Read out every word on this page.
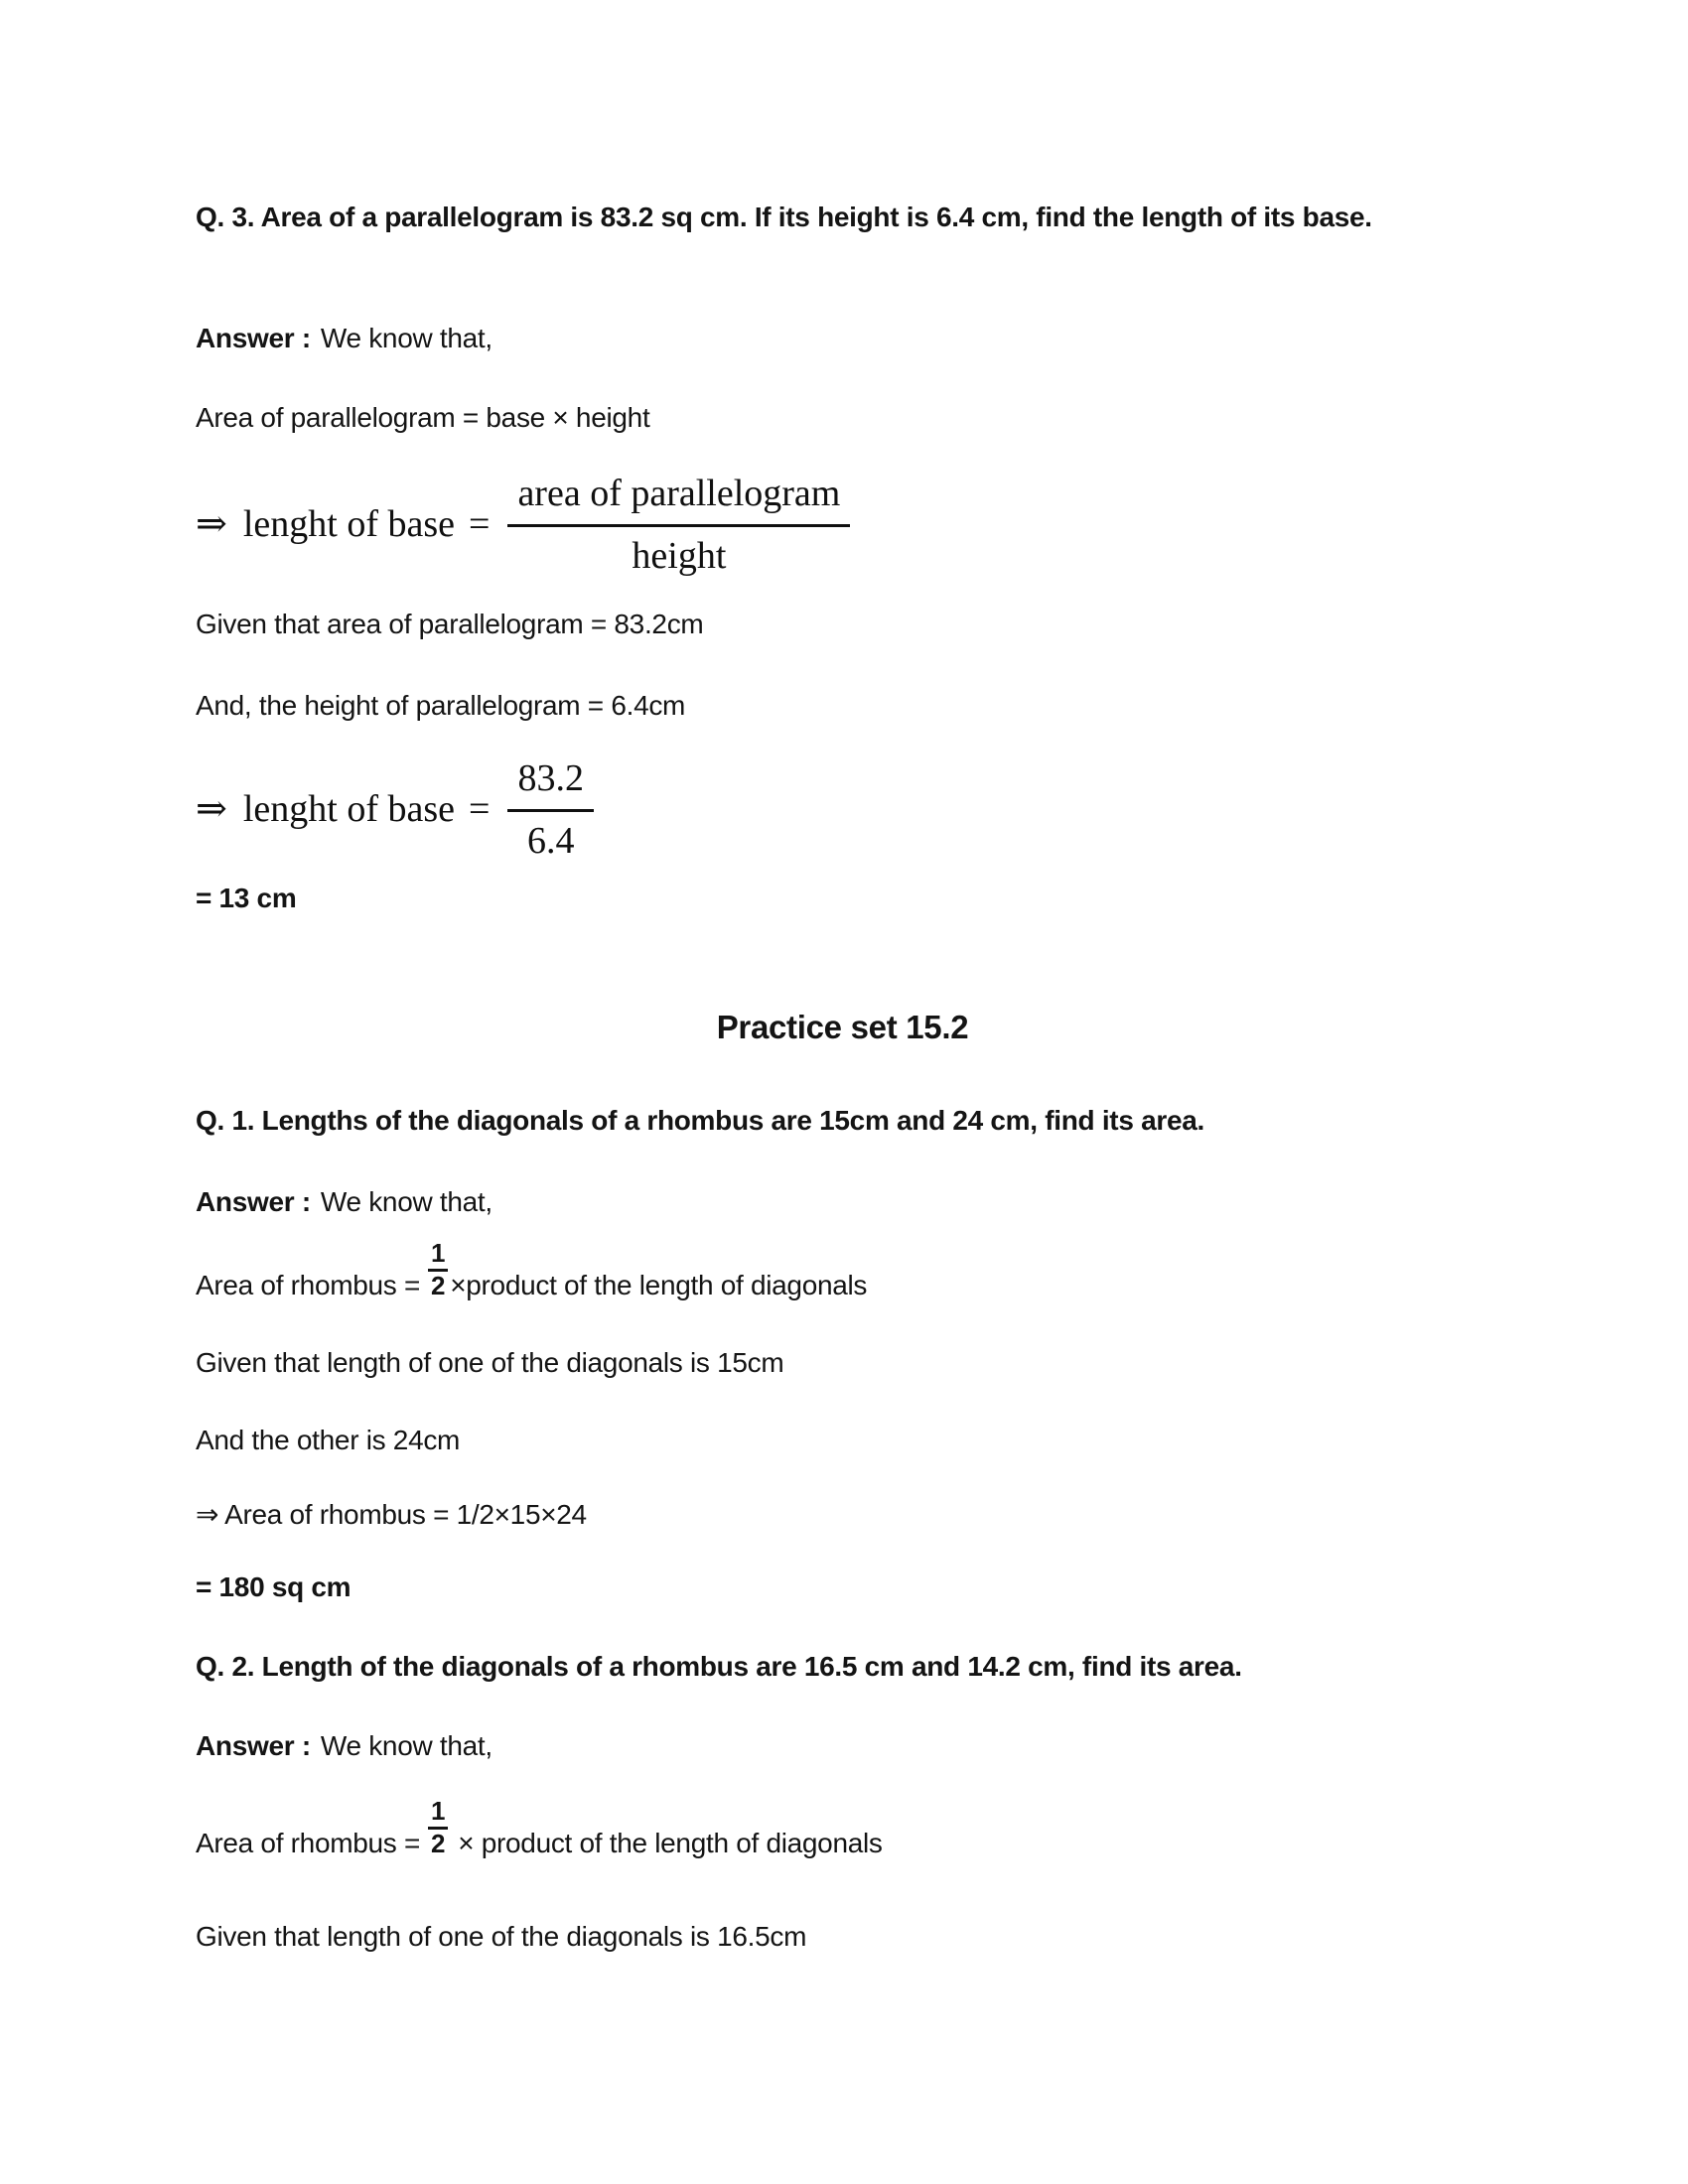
Q. 3. Area of a parallelogram is 83.2 sq cm. If its height is 6.4 cm, find the length of its base.
Answer : We know that,
Area of parallelogram = base × height
⇒ lenght of base = $\frac{\text{area of parallelogram}}{\text{height}}$
Given that area of parallelogram = 83.2cm
And, the height of parallelogram = 6.4cm
⇒ lenght of base = $\frac{83.2}{6.4}$
= 13 cm
Practice set 15.2
Q. 1. Lengths of the diagonals of a rhombus are 15cm and 24 cm, find its area.
Answer : We know that,
Area of rhombus = $\frac{1}{2}$ ×product of the length of diagonals
Given that length of one of the diagonals is 15cm
And the other is 24cm
⇒ Area of rhombus = 1/2×15×24
= 180 sq cm
Q. 2. Length of the diagonals of a rhombus are 16.5 cm and 14.2 cm, find its area.
Answer : We know that,
Area of rhombus = $\frac{1}{2}$ × product of the length of diagonals
Given that length of one of the diagonals is 16.5cm
